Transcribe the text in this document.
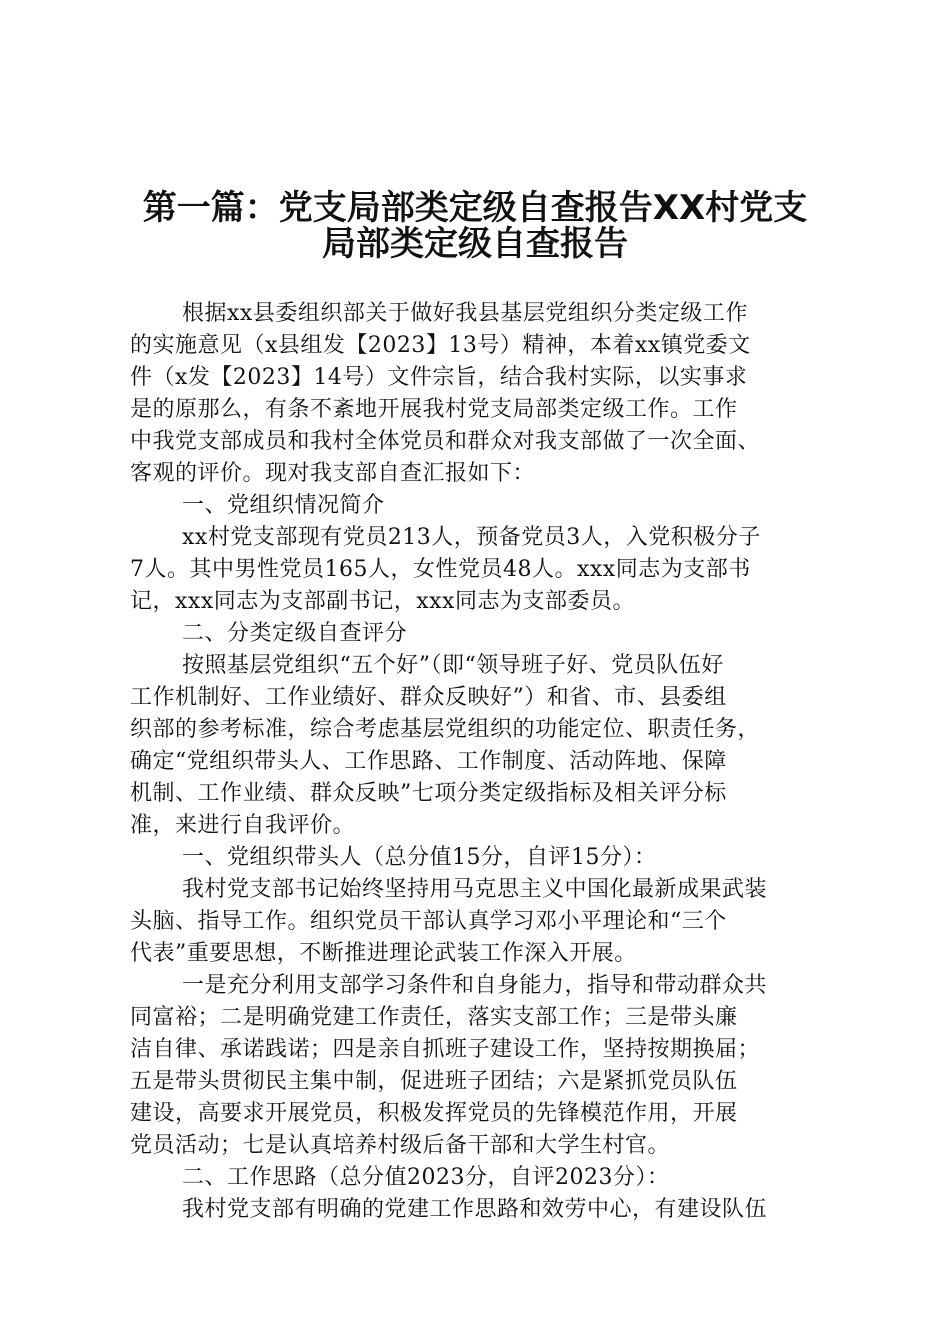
第一篇：党支局部类定级自查报告XX村党支
局部类定级自查报告
根据xx县委组织部关于做好我县基层党组织分类定级工作
的实施意见（x县组发【2023】13号）精神，本着xx镇党委文
件（x发【2023】14号）文件宗旨，结合我村实际，以实事求
是的原那么，有条不紊地开展我村党支局部类定级工作。工作
中我党支部成员和我村全体党员和群众对我支部做了一次全面、
客观的评价。现对我支部自查汇报如下：
一、党组织情况简介
xx村党支部现有党员213人，预备党员3人，入党积极分子
7人。其中男性党员165人，女性党员48人。xxx同志为支部书
记，xxx同志为支部副书记，xxx同志为支部委员。
二、分类定级自查评分
按照基层党组织“五个好”（即“领导班子好、党员队伍好
工作机制好、工作业绩好、群众反映好”）和省、市、县委组
织部的参考标准，综合考虑基层党组织的功能定位、职责任务，
确定“党组织带头人、工作思路、工作制度、活动阵地、保障
机制、工作业绩、群众反映”七项分类定级指标及相关评分标
准，来进行自我评价。
一、党组织带头人（总分值15分，自评15分）：
我村党支部书记始终坚持用马克思主义中国化最新成果武装
头脑、指导工作。组织党员干部认真学习邓小平理论和“三个
代表”重要思想，不断推进理论武装工作深入开展。
一是充分利用支部学习条件和自身能力，指导和带动群众共
同富裕；二是明确党建工作责任，落实支部工作；三是带头廉
洁自律、承诺践诺；四是亲自抓班子建设工作，坚持按期换届；
五是带头贯彻民主集中制，促进班子团结；六是紧抓党员队伍
建设，高要求开展党员，积极发挥党员的先锋模范作用，开展
党员活动；七是认真培养村级后备干部和大学生村官。
二、工作思路（总分值2023分，自评2023分）：
我村党支部有明确的党建工作思路和效劳中心，有建设队伍
